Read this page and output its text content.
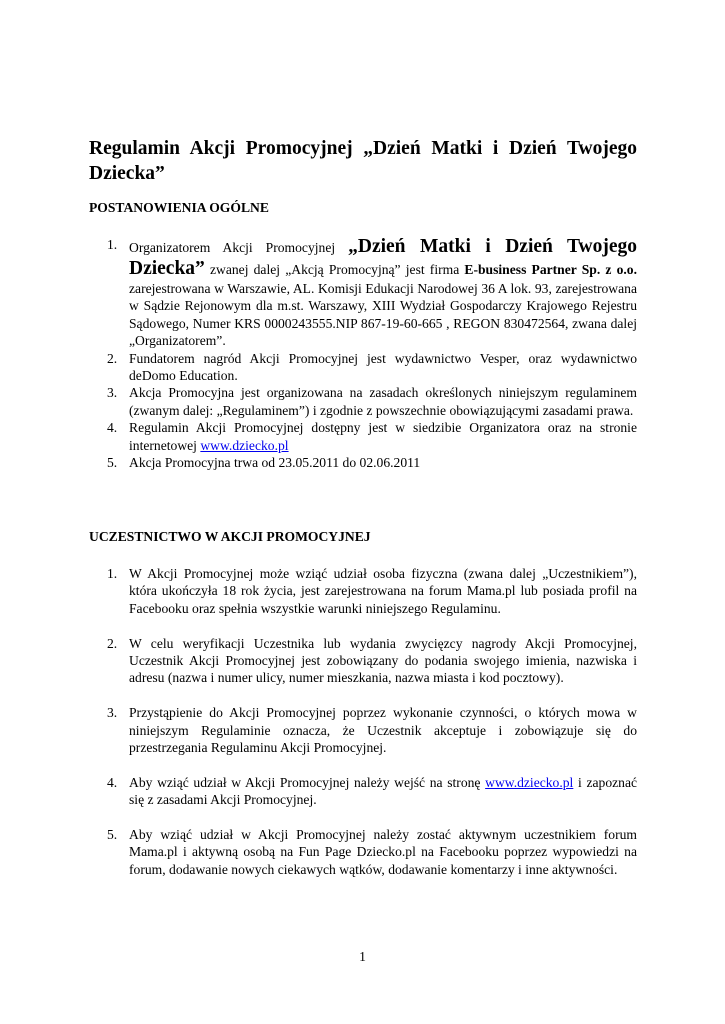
Regulamin Akcji Promocyjnej „Dzień Matki i Dzień Twojego Dziecka”
POSTANOWIENIA OGÓLNE
1. Organizatorem Akcji Promocyjnej „Dzień Matki i Dzień Twojego Dziecka” zwanej dalej „Akcją Promocyjną” jest firma E-business Partner Sp. z o.o. zarejestrowana w Warszawie, AL. Komisji Edukacji Narodowej 36 A lok. 93, zarejestrowana w Sądzie Rejonowym dla m.st. Warszawy, XIII Wydział Gospodarczy Krajowego Rejestru Sądowego, Numer KRS 0000243555.NIP 867-19-60-665 , REGON 830472564, zwana dalej „Organizatorem”.
2. Fundatorem nagród Akcji Promocyjnej jest wydawnictwo Vesper, oraz wydawnictwo deDomo Education.
3. Akcja Promocyjna jest organizowana na zasadach określonych niniejszym regulaminem (zwanym dalej: „Regulaminem”) i zgodnie z powszechnie obowiązującymi zasadami prawa.
4. Regulamin Akcji Promocyjnej dostępny jest w siedzibie Organizatora oraz na stronie internetowej www.dziecko.pl
5. Akcja Promocyjna trwa od 23.05.2011 do 02.06.2011
UCZESTNICTWO W AKCJI PROMOCYJNEJ
1. W Akcji Promocyjnej może wziąć udział osoba fizyczna (zwana dalej „Uczestnikiem”), która ukończyła 18 rok życia, jest zarejestrowana na forum Mama.pl lub posiada profil na Facebooku oraz spełnia wszystkie warunki niniejszego Regulaminu.
2. W celu weryfikacji Uczestnika lub wydania zwycięzcy nagrody Akcji Promocyjnej, Uczestnik Akcji Promocyjnej jest zobowiązany do podania swojego imienia, nazwiska i adresu (nazwa i numer ulicy, numer mieszkania, nazwa miasta i kod pocztowy).
3. Przystąpienie do Akcji Promocyjnej poprzez wykonanie czynności, o których mowa w niniejszym Regulaminie oznacza, że Uczestnik akceptuje i zobowiązuje się do przestrzegania Regulaminu Akcji Promocyjnej.
4. Aby wziąć udział w Akcji Promocyjnej należy wejść na stronę www.dziecko.pl i zapoznać się z zasadami Akcji Promocyjnej.
5. Aby wziąć udział w Akcji Promocyjnej należy zostać aktywnym uczestnikiem forum Mama.pl i aktywną osobą na Fun Page Dziecko.pl na Facebooku poprzez wypowiedzi na forum, dodawanie nowych ciekawych wątków, dodawanie komentarzy i inne aktywności.
1
